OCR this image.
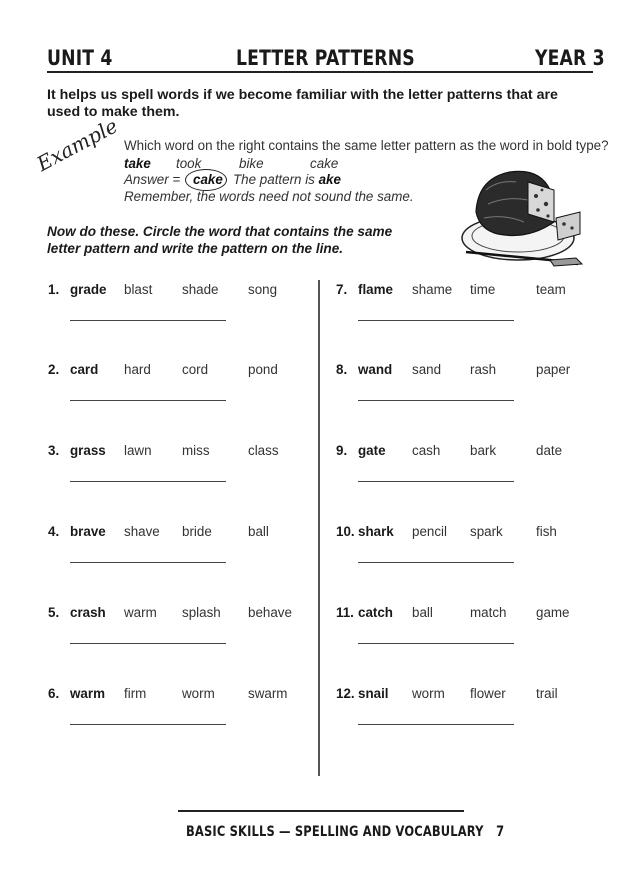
UNIT 4	LETTER PATTERNS	YEAR 3
It helps us spell words if we become familiar with the letter patterns that are used to make them.
Example Which word on the right contains the same letter pattern as the word in bold type?
take took	bike	cake
Answer = cake The pattern is ake
Remember, the words need not sound the same.
Now do these. Circle the word that contains the same letter pattern and write the pattern on the line.
1. grade blast shade song
2. card hard cord	pond
3. grass lawn miss	class
4. brave shave bride	ball
5. crash warm splash behave
6. warm firm	worm swarm
7. flame shame time	team
8. wand sand rash	paper
9. gate cash bark	date
10. shark pencil spark fish
11. catch ball	match game
12. snail worm flower trail
BASIC SKILLS — SPELLING AND VOCABULARY 7
